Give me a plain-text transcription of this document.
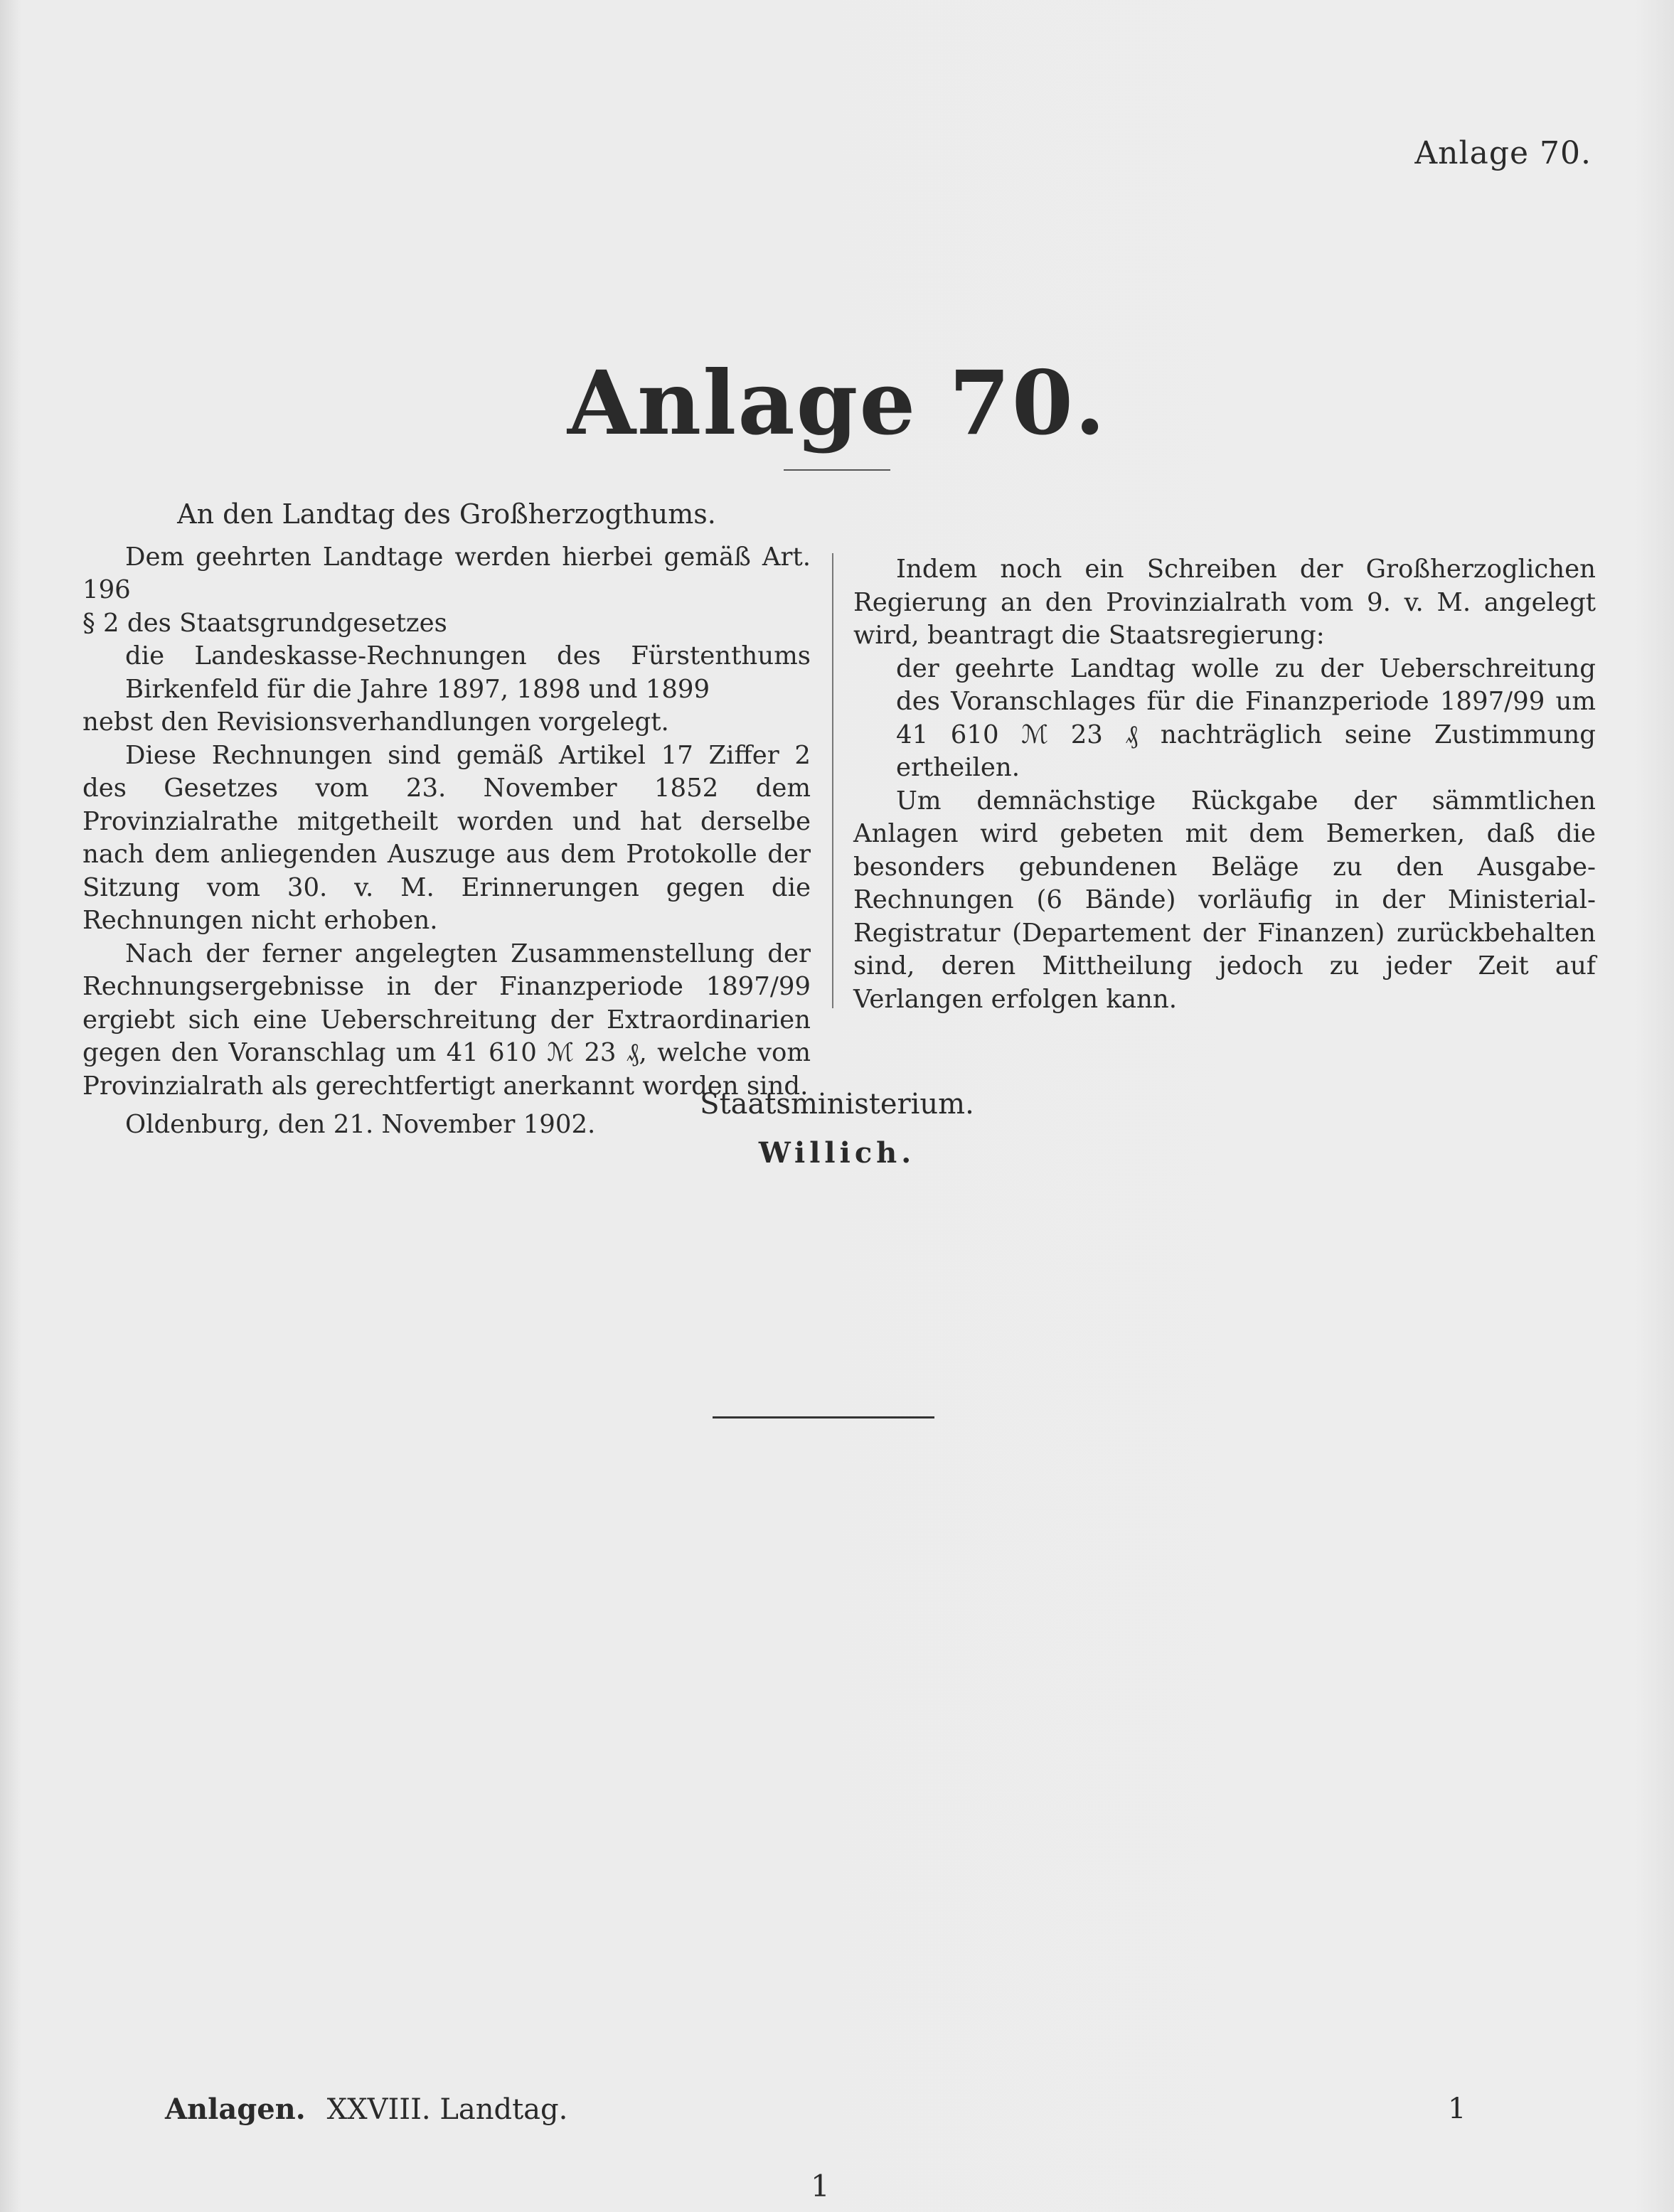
Anlage 70.
Anlage 70.
An den Landtag des Großherzogthums.

Dem geehrten Landtage werden hierbei gemäß Art. 196

§ 2 des Staatsgrundgesetzes

die Landeskasse-Rechnungen des Fürstenthums Birkenfeld für die Jahre 1897, 1898 und 1899

nebst den Revisionsverhandlungen vorgelegt.

Diese Rechnungen sind gemäß Artikel 17 Ziffer 2 des Gesetzes vom 23. November 1852 dem Provinzialrathe mitgetheilt worden und hat derselbe nach dem anliegenden Auszuge aus dem Protokolle der Sitzung vom 30. v. M. Erinnerungen gegen die Rechnungen nicht erhoben.

Nach der ferner angelegten Zusammenstellung der Rechnungsergebnisse in der Finanzperiode 1897/99 ergiebt sich eine Ueberschreitung der Extraordinarien gegen den Voranschlag um 41 610 ℳ 23 ₰, welche vom Provinzialrath als gerechtfertigt anerkannt worden sind.

Oldenburg, den 21. November 1902.

Indem noch ein Schreiben der Großherzoglichen Regierung an den Provinzialrath vom 9. v. M. angelegt wird, beantragt die Staatsregierung:

der geehrte Landtag wolle zu der Ueberschreitung des Voranschlages für die Finanzperiode 1897/99 um 41 610 ℳ 23 ₰ nachträglich seine Zustimmung ertheilen.

Um demnächstige Rückgabe der sämmtlichen Anlagen wird gebeten mit dem Bemerken, daß die besonders gebundenen Beläge zu den Ausgabe-Rechnungen (6 Bände) vorläufig in der Ministerial-Registratur (Departement der Finanzen) zurückbehalten sind, deren Mittheilung jedoch zu jeder Zeit auf Verlangen erfolgen kann.

Staatsministerium.
Willich.
Anlagen. XXVIII. Landtag.	1
1
